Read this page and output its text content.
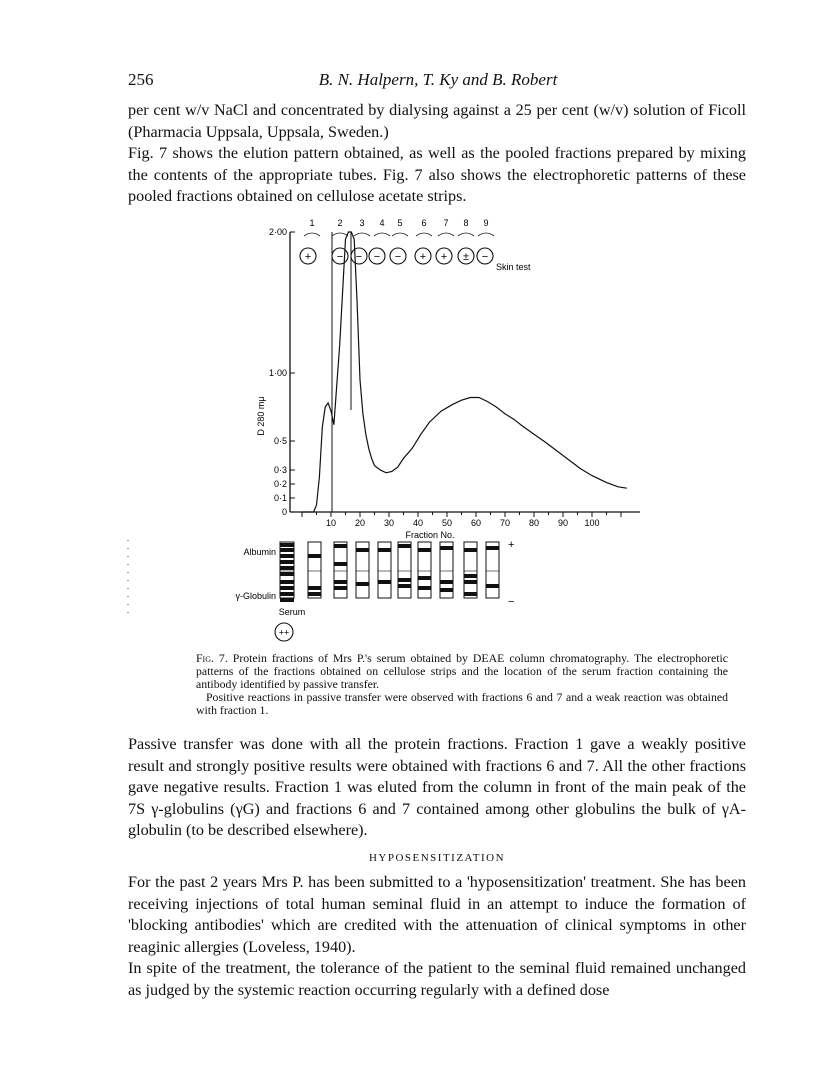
256	B. N. Halpern, T. Ky and B. Robert

per cent w/v NaCl and concentrated by dialysing against a 25 per cent (w/v) solution of Ficoll (Pharmacia Uppsala, Uppsala, Sweden.)

Fig. 7 shows the elution pattern obtained, as well as the pooled fractions prepared by mixing the contents of the appropriate tubes. Fig. 7 also shows the electrophoretic patterns of these pooled fractions obtained on cellulose acetate strips.

2·00
1·00
0·5
0·3
0·2
0·1
0
10 20 30 40 50 60 70 80 90 100
D 280 mμ
Fraction No.
1
+
2
−
3
−
4
−
5
−
6
+
7
+
8
±
9
−
Skin test
Albumin
γ-Globulin
+
−
Serum
++

Fig. 7. Protein fractions of Mrs P.'s serum obtained by DEAE column chromatography. The electrophoretic patterns of the fractions obtained on cellulose strips and the location of the serum fraction containing the antibody identified by passive transfer.

Positive reactions in passive transfer were observed with fractions 6 and 7 and a weak reaction was obtained with fraction 1.

Passive transfer was done with all the protein fractions. Fraction 1 gave a weakly positive result and strongly positive results were obtained with fractions 6 and 7. All the other fractions gave negative results. Fraction 1 was eluted from the column in front of the main peak of the 7S γ-globulins (γG) and fractions 6 and 7 contained among other globulins the bulk of γA-globulin (to be described elsewhere).

HYPOSENSITIZATION

For the past 2 years Mrs P. has been submitted to a 'hyposensitization' treatment. She has been receiving injections of total human seminal fluid in an attempt to induce the formation of 'blocking antibodies' which are credited with the attenuation of clinical symptoms in other reaginic allergies (Loveless, 1940).

In spite of the treatment, the tolerance of the patient to the seminal fluid remained unchanged as judged by the systemic reaction occurring regularly with a defined dose
